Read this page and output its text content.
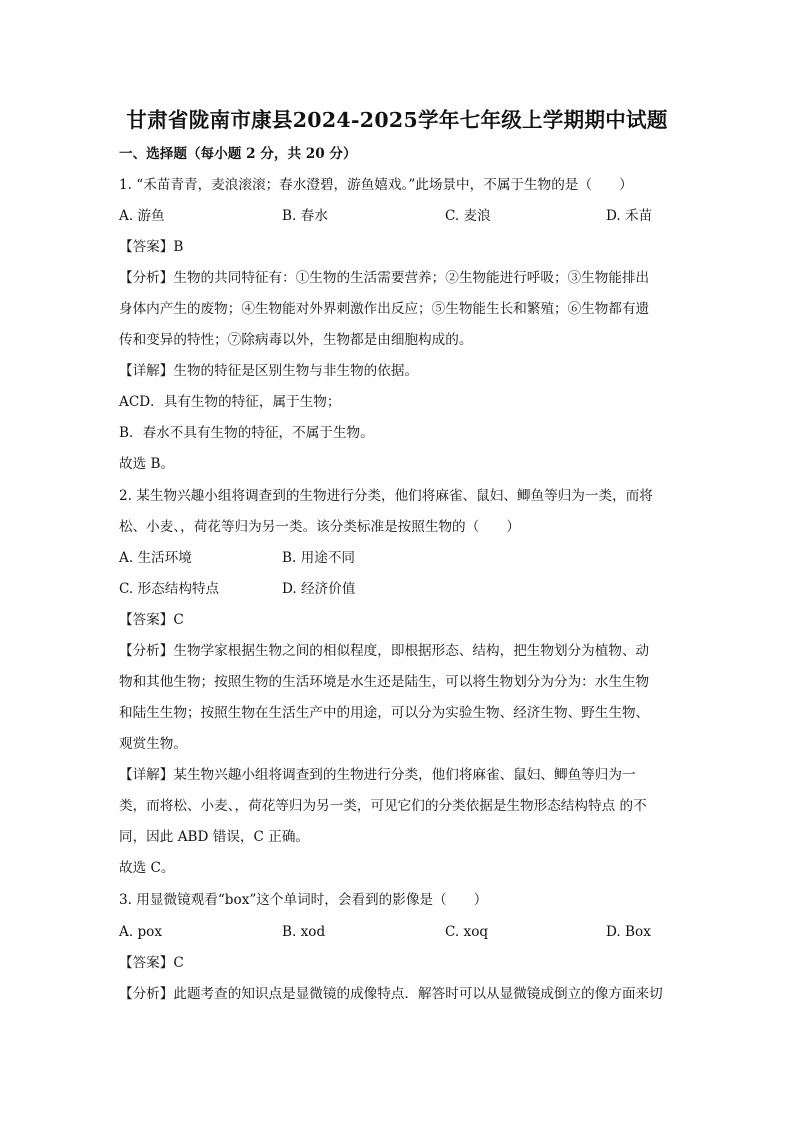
甘肃省陇南市康县2024-2025学年七年级上学期期中试题
一、选择题（每小题 2 分，共 20 分）
1. “禾苗青青，麦浪滚滚；春水澄碧，游鱼嬉戏。”此场景中，不属于生物的是（　　）
A. 游鱼	B. 春水	C. 麦浪	D. 禾苗
【答案】B
【分析】生物的共同特征有：①生物的生活需要营养；②生物能进行呼吸；③生物能排出
身体内产生的废物；④生物能对外界刺激作出反应；⑤生物能生长和繁殖；⑥生物都有遗
传和变异的特性；⑦除病毒以外，生物都是由细胞构成的。
【详解】生物的特征是区别生物与非生物的依据。
ACD．具有生物的特征，属于生物；
B．春水不具有生物的特征，不属于生物。
故选 B。
2. 某生物兴趣小组将调查到的生物进行分类，他们将麻雀、鼠妇、鲫鱼等归为一类，而将
松、小麦、，荷花等归为另一类。该分类标准是按照生物的（　　）
A. 生活环境	B. 用途不同
C. 形态结构特点	D. 经济价值
【答案】C
【分析】生物学家根据生物之间的相似程度，即根据形态、结构，把生物划分为植物、动
物和其他生物；按照生物的生活环境是水生还是陆生，可以将生物划分为分为：水生生物
和陆生生物；按照生物在生活生产中的用途，可以分为实验生物、经济生物、野生生物、
观赏生物。
【详解】某生物兴趣小组将调查到的生物进行分类，他们将麻雀、鼠妇、鲫鱼等归为一
类，而将松、小麦、，荷花等归为另一类，可见它们的分类依据是生物形态结构特点 的不
同，因此 ABD 错误，C 正确。
故选 C。
3. 用显微镜观看“box”这个单词时，会看到的影像是（　　）
A. pox	B. xod	C. xoq	D. Box
【答案】C
【分析】此题考查的知识点是显微镜的成像特点．解答时可以从显微镜成倒立的像方面来切
